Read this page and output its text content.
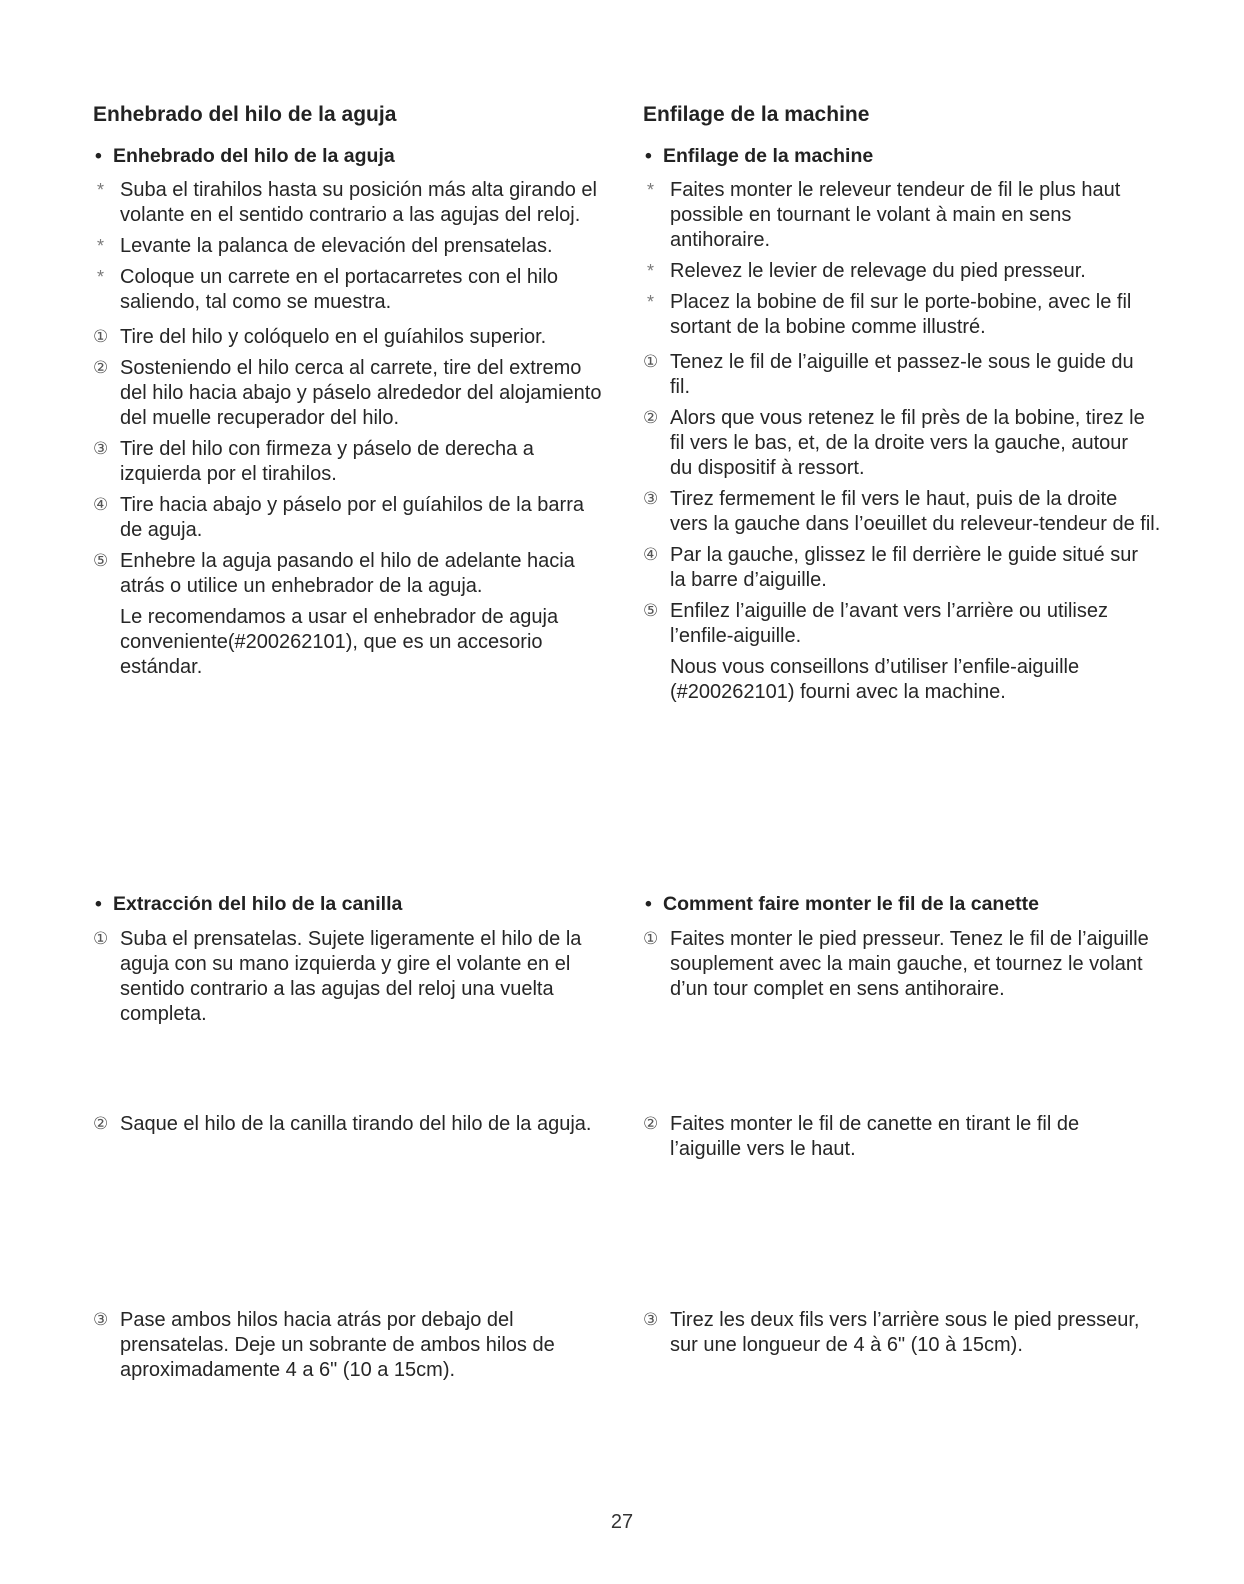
Enhebrado del hilo de la aguja
• Enhebrado del hilo de la aguja
* Suba el tirahilos hasta su posición más alta girando el
volante en el sentido contrario a las agujas del reloj.
* Levante la palanca de elevación del prensatelas.
* Coloque un carrete en el portacarretes con el hilo
saliendo, tal como se muestra.
① Tire del hilo y colóquelo en el guíahilos superior.
② Sosteniendo el hilo cerca al carrete, tire del extremo
del hilo hacia abajo y páselo alrededor del alojamiento
del muelle recuperador del hilo.
③ Tire del hilo con firmeza y páselo de derecha a
izquierda por el tirahilos.
④ Tire hacia abajo y páselo por el guíahilos de la barra
de aguja.
⑤ Enhebre la aguja pasando el hilo de adelante hacia
atrás o utilice un enhebrador de la aguja.
Le recomendamos a usar el enhebrador de aguja
conveniente(#200262101), que es un accesorio
estándar.
• Extracción del hilo de la canilla
① Suba el prensatelas. Sujete ligeramente el hilo de la
aguja con su mano izquierda y gire el volante en el
sentido contrario a las agujas del reloj una vuelta
completa.
② Saque el hilo de la canilla tirando del hilo de la aguja.
③ Pase ambos hilos hacia atrás por debajo del
prensatelas. Deje un sobrante de ambos hilos de
aproximadamente 4 a 6" (10 a 15cm).
Enfilage de la machine
• Enfilage de la machine
* Faites monter le releveur tendeur de fil le plus haut
possible en tournant le volant à main en sens
antihoraire.
* Relevez le levier de relevage du pied presseur.
* Placez la bobine de fil sur le porte-bobine, avec le fil
sortant de la bobine comme illustré.
① Tenez le fil de l’aiguille et passez-le sous le guide du
fil.
② Alors que vous retenez le fil près de la bobine, tirez le
fil vers le bas, et, de la droite vers la gauche, autour
du dispositif à ressort.
③ Tirez fermement le fil vers le haut, puis de la droite
vers la gauche dans l’oeuillet du releveur-tendeur de fil.
④ Par la gauche, glissez le fil derrière le guide situé sur
la barre d’aiguille.
⑤ Enfilez l’aiguille de l’avant vers l’arrière ou utilisez
l’enfile-aiguille.
Nous vous conseillons d’utiliser l’enfile-aiguille
(#200262101) fourni avec la machine.
• Comment faire monter le fil de la canette
① Faites monter le pied presseur. Tenez le fil de l’aiguille
souplement avec la main gauche, et tournez le volant
d’un tour complet en sens antihoraire.
② Faites monter le fil de canette en tirant le fil de
l’aiguille vers le haut.
③ Tirez les deux fils vers l’arrière sous le pied presseur,
sur une longueur de 4 à 6" (10 à 15cm).
27
